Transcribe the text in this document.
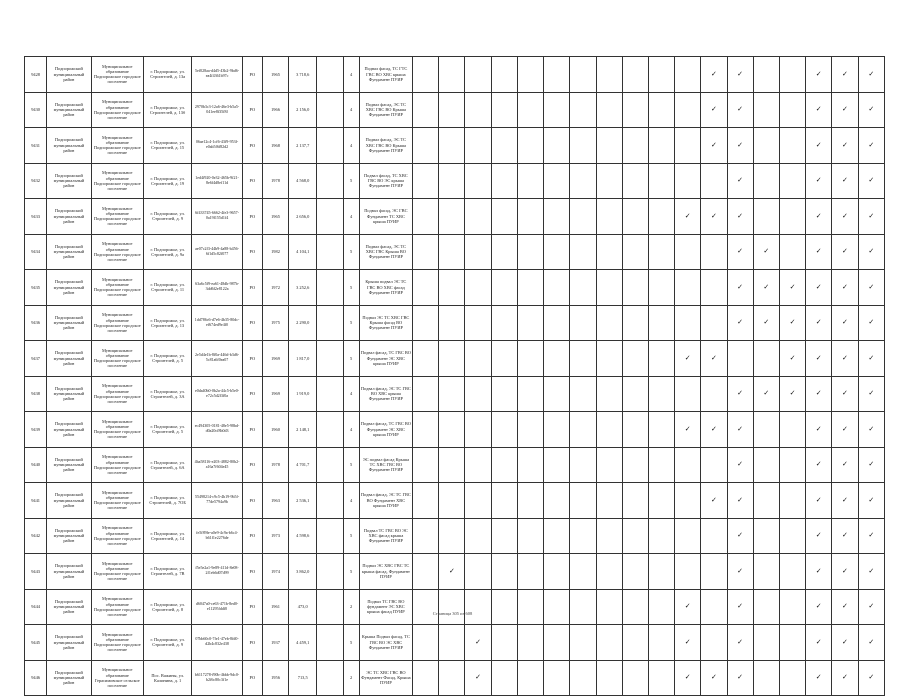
9428	Подпорожский муниципальный район	Муниципальное образование Подпорожское городское поселение	г. Подпорожье, ул. Строителей, д. 13а	5ef028aa-d4d5-43b2-9bd6-ea4f4361b97c	РО	1965	3 718,6		4	Подвал фасад, ТС ГТС ГВС ВО ХВС крыша Фундамент ПУИР												✓	✓			✓	✓	✓
9430	Подпорожский муниципальный район	Муниципальное образование Подпорожское городское поселение	г. Подпорожье, ул. Строителей, д. 13б	2970b3c3-12a6-46e3-b5a5-041ee8f35f8f	РО	1966	2 156,0		4	Подвал фасад, ЭС ТС ХВС ГВС ВО Крыша Фундамент ПУИР												✓	✓			✓	✓	✓
9431	Подпорожский муниципальный район	Муниципальное образование Подпорожское городское поселение	г. Подпорожье, ул. Строителей, д. 15	06ae12c4-1cf6-43f9-953f-e0ab5f6f82d2	РО	1968	2 137,7		4	Подвал фасад, ЭС ТС ХВС ГВС ВО Крыша Фундамент ПУИР												✓	✓			✓	✓	✓
9432	Подпорожский муниципальный район	Муниципальное образование Подпорожское городское поселение	г. Подпорожье, ул. Строителей, д. 19	1ed4f920-0e32-465b-9f21-8e6f4d8ef11d	РО	1978	4 568,0		5	Подвал фасад, ТС ХВС ГВС ВО ЭС крыша Фундамент ПУИР													✓			✓	✓	✓
9433	Подпорожский муниципальный район	Муниципальное образование Подпорожское городское поселение	г. Подпорожье, ул. Строителей, д. 9	6f433745-6662-4fe3-9657-0a19f155d1f4	РО	1965	2 656,0		4	Подвал фасад, ЭС ГВС Фундамент ТС ХВС крыша ПУИР											✓	✓	✓			✓	✓	✓
9434	Подпорожский муниципальный район	Муниципальное образование Подпорожское городское поселение	г. Подпорожье, ул. Строителей, д. 9а	ae07c2f3-44b9-4a88-b456-6f1d5c82f077	РО	1982	4 104,1		5	Подвал фасад, ЭС ТС ХВС ГВС Крыша ВО Фундамент ПУИР													✓	✓		✓	✓	✓
9435	Подпорожский муниципальный район	Муниципальное образование Подпорожское городское поселение	г. Подпорожье, ул. Строителей, д. 11	63a6c5f9-ea61-48db-987b-3dd6f2e8122a	РО	1972	3 252,6		5	Крыша подвал ЭС ТС ГВС ВО ХВС фасад Фундамент ПУИР													✓	✓	✓	✓	✓	✓
9436	Подпорожский муниципальный район	Муниципальное образование Подпорожское городское поселение	г. Подпорожье, ул. Строителей, д. 13	1dd786c6-d7e6-4b35-80dc-ef674ed9e4f0	РО	1975	2 290,0		5	Подвал ЭС ТС ХВС ГВС Крыша фасад ВО Фундамент ПУИР													✓	✓	✓	✓	✓	✓
9437	Подпорожский муниципальный район	Муниципальное образование Подпорожское городское поселение	г. Подпорожье, ул. Строителей, д. 5	2e5d4e1b-8f0a-446d-b3d6-5c81a6f0ea07	РО	1969	1 817,0		5	Подвал фасад, ТС ГВС ВО Фундамент ЭС ХВС крыша ПУИР											✓	✓			✓	✓	✓	✓
9438	Подпорожский муниципальный район	Муниципальное образование Подпорожское городское поселение	г. Подпорожье, ул. Строителей, д. 3А	e0da40b0-0b2a-44c5-b5e0-e72c5d2f3f0a	РО	1969	1 919,0		4	Подвал фасад, ЭС ТС ГВС ВО ХВС крыша Фундамент ПУИР													✓	✓	✓	✓	✓	✓
9439	Подпорожский муниципальный район	Муниципальное образование Подпорожское городское поселение	г. Подпорожье, ул. Строителей, д. 5	ec494305-0181-48e5-98bd-d0a20cf8b0d3	РО	1960	2 148,1		4	Подвал фасад, ТС ГВС ВО Фундамент ЭС ХВС крыша ПУИР											✓	✓	✓			✓	✓	✓
9440	Подпорожский муниципальный район	Муниципальное образование Подпорожское городское поселение	г. Подпорожье, ул. Строителей, д. 6А	4ba58116-e203-4882-80b2-a16a7f604e45	РО	1978	4 701,7		5	ЭС подвал фасад Крыша ТС ХВС ГВС ВО Фундамент ПУИР													✓			✓	✓	✓
9441	Подпорожский муниципальный район	Муниципальное образование Подпорожское городское поселение	г. Подпорожье, ул. Строителей, д. 7ОБ	55498214-c9c5-4b19-9b5f-77de5794a9b	РО	1963	2 536,1		4	Подвал фасад, ЭС ТС ГВС ВО Фундамент ХВС крыша ПУИР												✓	✓			✓	✓	✓
9442	Подпорожский муниципальный район	Муниципальное образование Подпорожское городское поселение	г. Подпорожье, ул. Строителей, д. 14	fe5f89fe-a0e9-4c9a-b6c4-b61f1e2276de	РО	1973	4 598,6		5	Подвал ТС ГВС ВО ЭС ХВС фасад крыша Фундамент ПУИР													✓			✓	✓	✓
9443	Подпорожский муниципальный район	Муниципальное образование Подпорожское городское поселение	г. Подпорожье, ул. Строителей, д. 7В	f5e5e2a1-9e89-411d-8e08-2f1eb6d07d99	РО	1974	3 862,0		5	Подвал ЭС ХВС ГВС ТС крыша фасад, Фундамент ПУИР		✓											✓			✓	✓	✓
9444	Подпорожский муниципальный район	Муниципальное образование Подпорожское городское поселение	г. Подпорожье, ул. Строителей, д. 8	d6047a0-ce63-471b-8ed0-e11295fddf0	РО	1961	473,0		2	Подвал ТС ГВС ВО фундамент ЭС ХВС крыша фасад ПУИР											✓		✓			✓	✓	✓
9445	Подпорожский муниципальный район	Муниципальное образование Подпорожское городское поселение	г. Подпорожье, ул. Строителей, д. 9	07bb60c0-7fe1-47eb-8fd0-d2b4c832e438	РО	1937	4 459,1		5	Крыша Подвал фасад, ТС ГВС ВО ЭС ХВС Фундамент ПУИР			✓								✓		✓			✓	✓	✓
9446	Подпорожский муниципальный район	Муниципальное образование Герасимовское сельское поселение	Пос. Важины, ул. Калинина, д. 1	b6117278-f90b-4bbb-9dc0-b2f6c80c3f1e	РО	1956	713,5		2	ЭС ТС ХВС ГВС ВО Фундамент Фасад, Крыша ПУИР			✓								✓	✓	✓			✓	✓	✓
Страница 305 из 608
